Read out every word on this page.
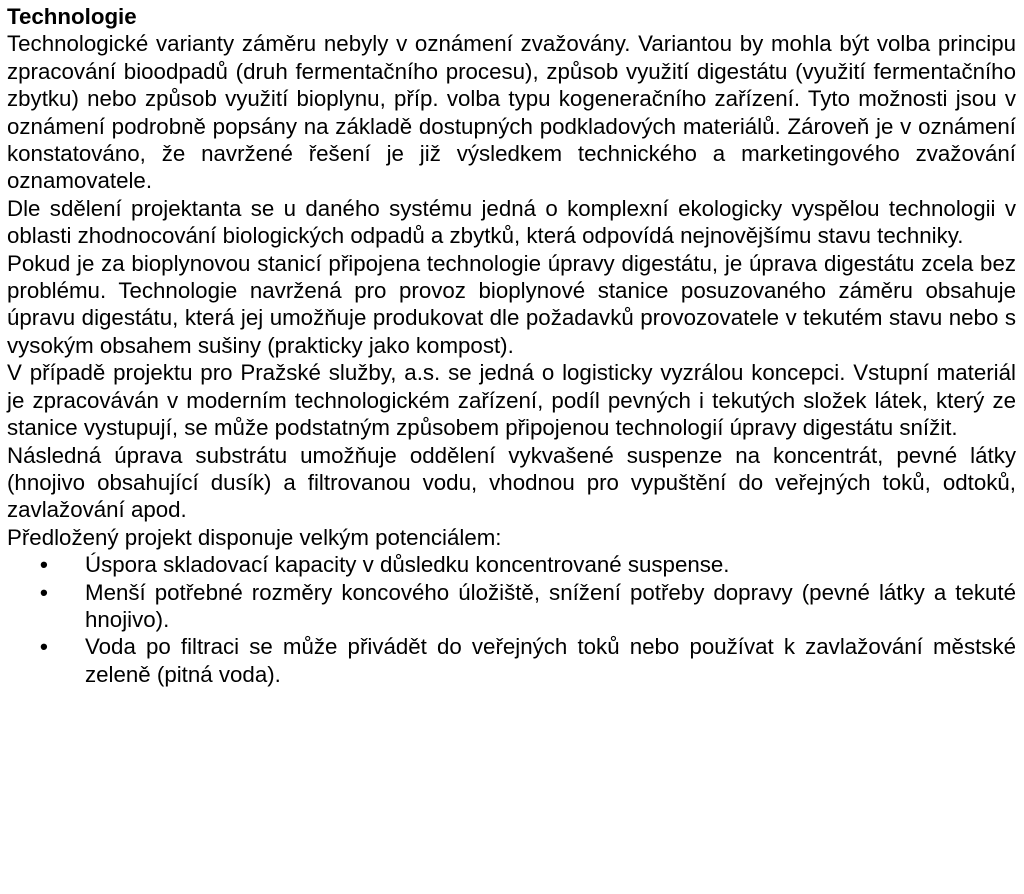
Technologie

Technologické varianty záměru nebyly v oznámení zvažovány. Variantou by mohla být volba principu zpracování bioodpadů (druh fermentačního procesu), způsob využití digestátu (využití fermentačního zbytku) nebo způsob využití bioplynu, příp. volba typu kogeneračního zařízení. Tyto možnosti jsou v oznámení podrobně popsány na základě dostupných podkladových materiálů. Zároveň je v oznámení konstatováno, že navržené řešení je již výsledkem technického a marketingového zvažování oznamovatele.

Dle sdělení projektanta se u daného systému jedná o komplexní ekologicky vyspělou technologii v oblasti zhodnocování biologických odpadů a zbytků, která odpovídá nejnovějšímu stavu techniky.

Pokud je za bioplynovou stanicí připojena technologie úpravy digestátu, je úprava digestátu zcela bez problému. Technologie navržená pro provoz bioplynové stanice posuzovaného záměru obsahuje úpravu digestátu, která jej umožňuje produkovat dle požadavků provozovatele v tekutém stavu nebo s vysokým obsahem sušiny (prakticky jako kompost).

V případě projektu pro Pražské služby, a.s. se jedná o logisticky vyzrálou koncepci. Vstupní materiál je zpracováván v moderním technologickém zařízení, podíl pevných i tekutých složek látek, který ze stanice vystupují, se může podstatným způsobem připojenou technologií úpravy digestátu snížit.

Následná úprava substrátu umožňuje oddělení vykvašené suspenze na koncentrát, pevné látky (hnojivo obsahující dusík) a filtrovanou vodu, vhodnou pro vypuštění do veřejných toků, odtoků, zavlažování apod.

Předložený projekt disponuje velkým potenciálem:

• Úspora skladovací kapacity v důsledku koncentrované suspense.
• Menší potřebné rozměry koncového úložiště, snížení potřeby dopravy (pevné látky a tekuté hnojivo).
• Voda po filtraci se může přivádět do veřejných toků nebo používat k zavlažování městské zeleně (pitná voda).
